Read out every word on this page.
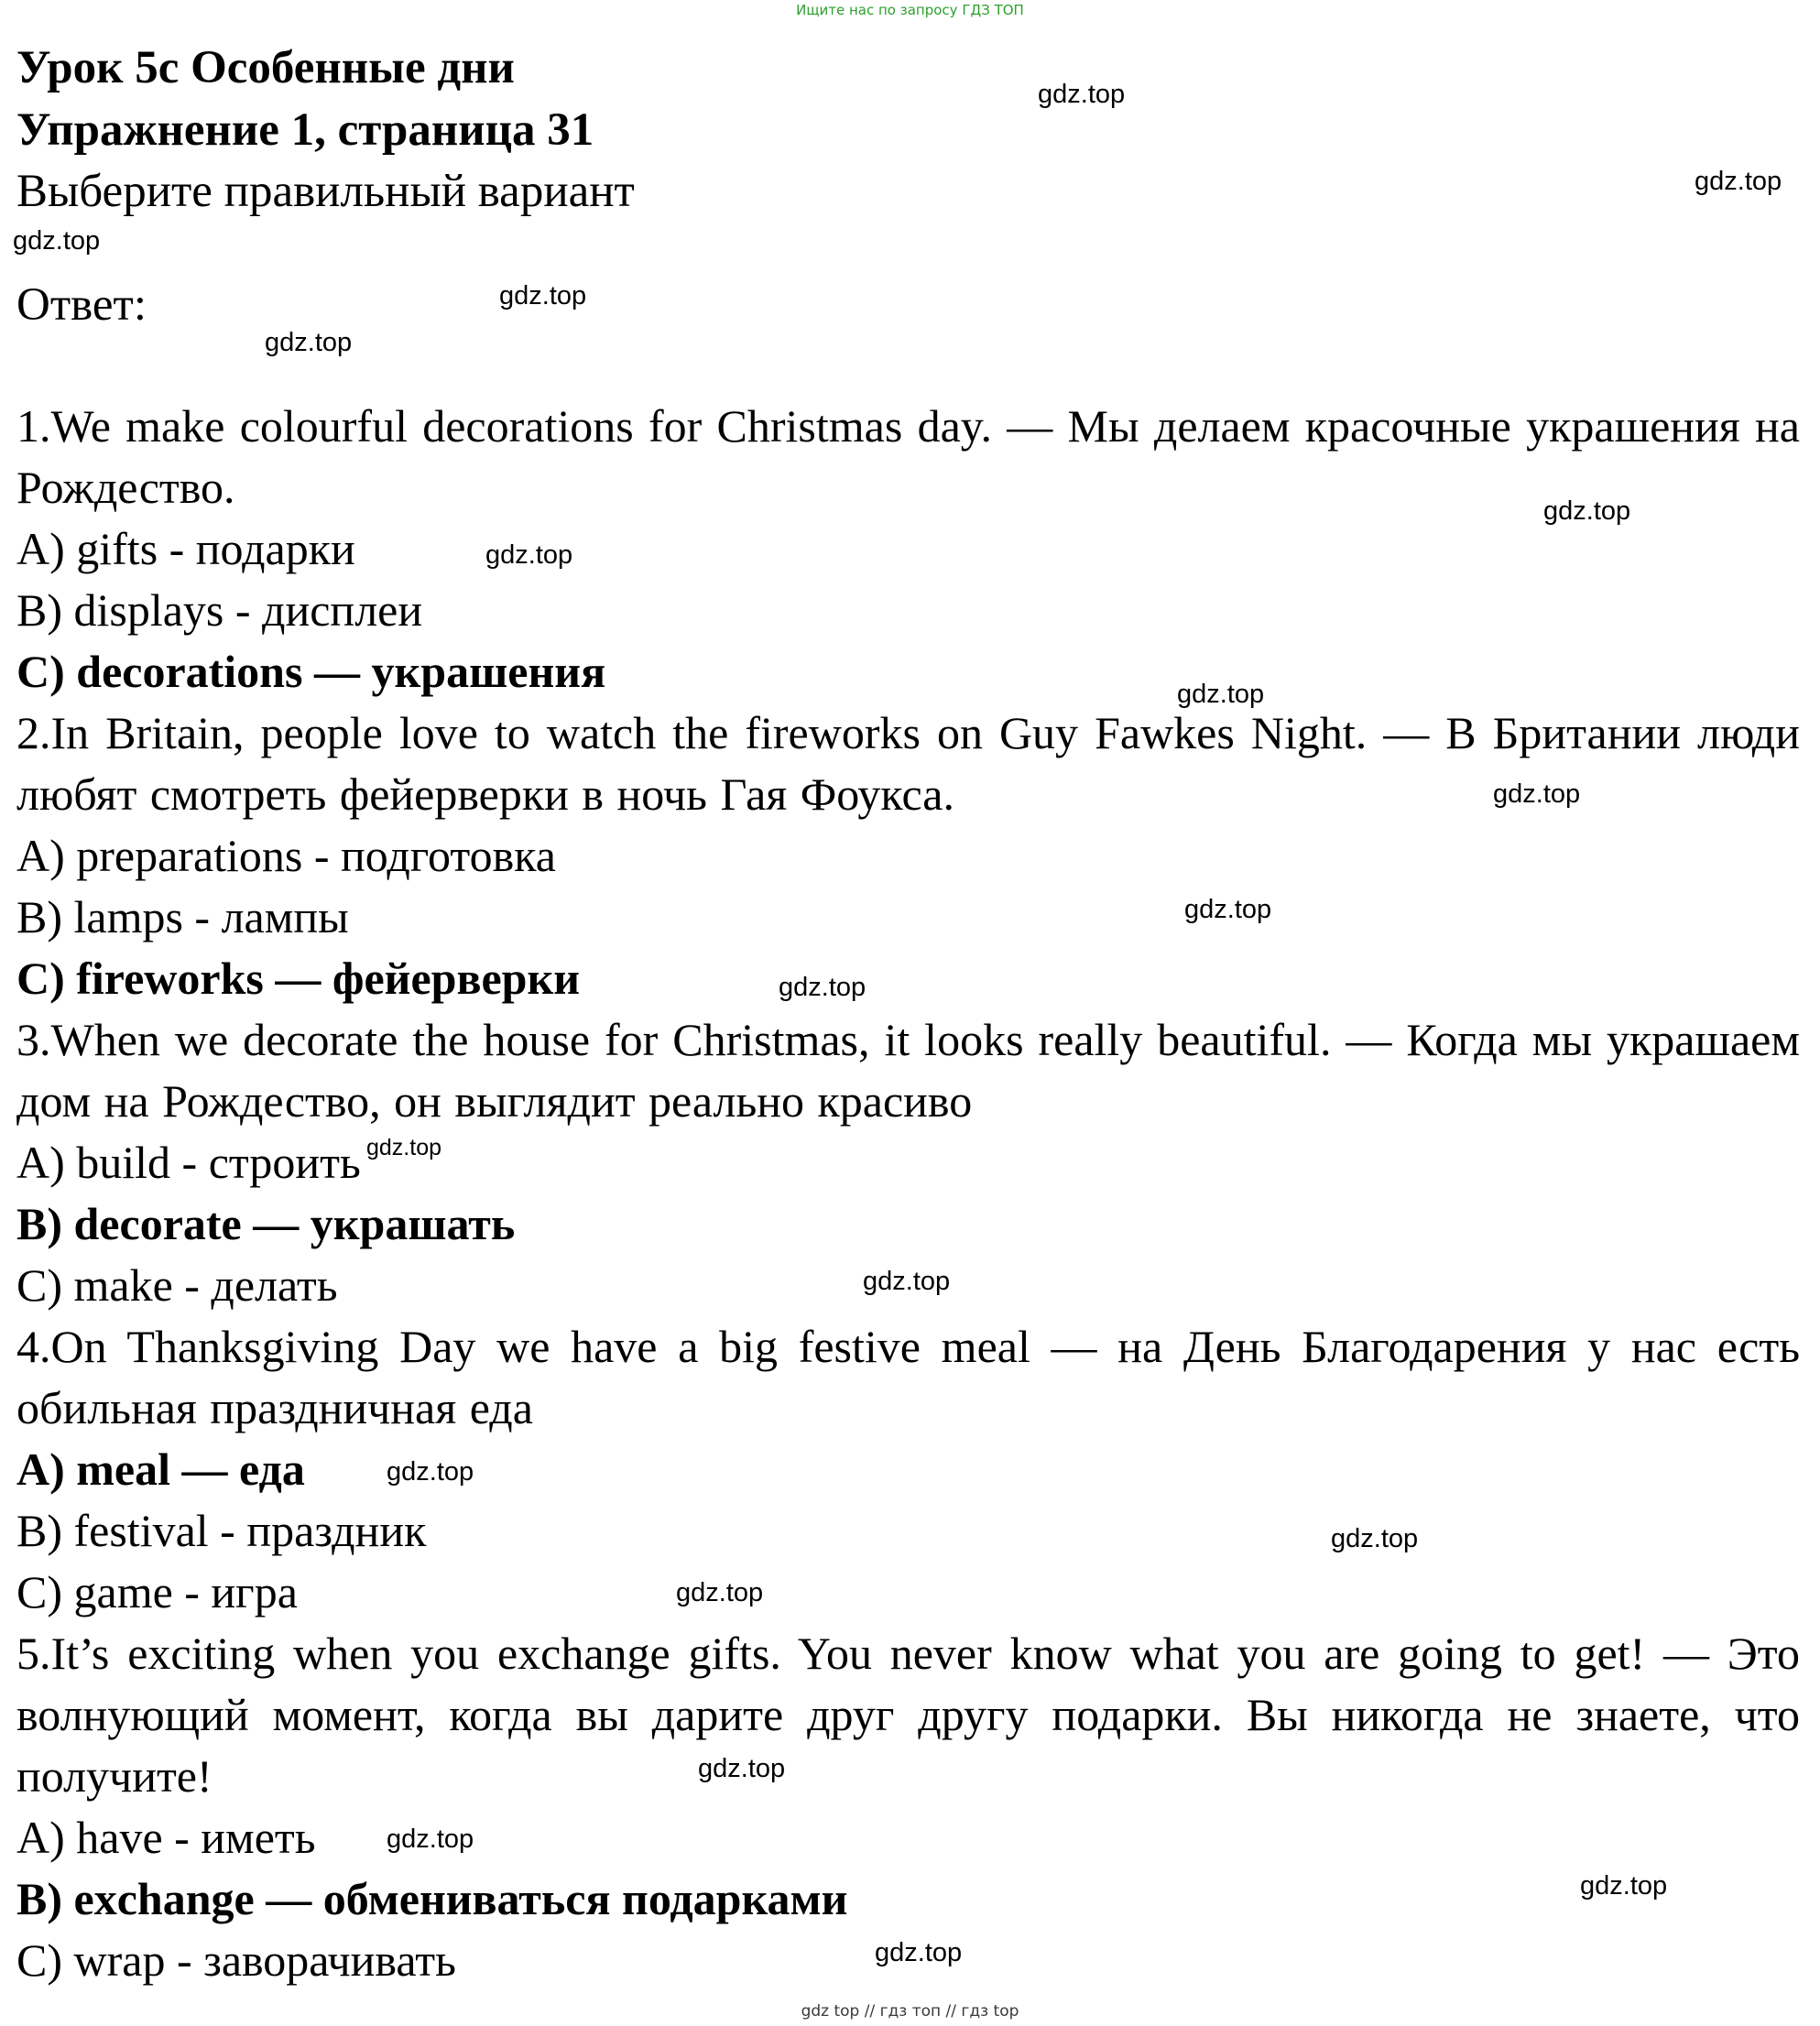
Ищите нас по запросу ГДЗ ТОП
Урок 5c Особенные дни
Упражнение 1, страница 31
Выберите правильный вариант
Ответ:
1.We make colourful decorations for Christmas day. — Мы делаем красочные украшения на Рождество.
A) gifts - подарки
B) displays - дисплеи
C) decorations — украшения
2.In Britain, people love to watch the fireworks on Guy Fawkes Night. — В Британии люди любят смотреть фейерверки в ночь Гая Фоукса.
A) preparations - подготовка
B) lamps - лампы
C) fireworks — фейерверки
3.When we decorate the house for Christmas, it looks really beautiful. — Когда мы украшаем дом на Рождество, он выглядит реально красиво
A) build - строить
B) decorate — украшать
C) make - делать
4.On Thanksgiving Day we have a big festive meal — на День Благодарения у нас есть обильная праздничная еда
A) meal — еда
B) festival - праздник
C) game - игра
5.It’s exciting when you exchange gifts. You never know what you are going to get! — Это волнующий момент, когда вы дарите друг другу подарки. Вы никогда не знаете, что получите!
A) have - иметь
B) exchange — обмениваться подарками
C) wrap - заворачивать
gdz.top
gdz.top
gdz.top
gdz.top
gdz.top
gdz.top
gdz.top
gdz.top
gdz.top
gdz.top
gdz.top
gdz.top
gdz.top
gdz.top
gdz.top
gdz.top
gdz.top
gdz.top
gdz.top
gdz.top
gdz top // гдз топ // гдз top
